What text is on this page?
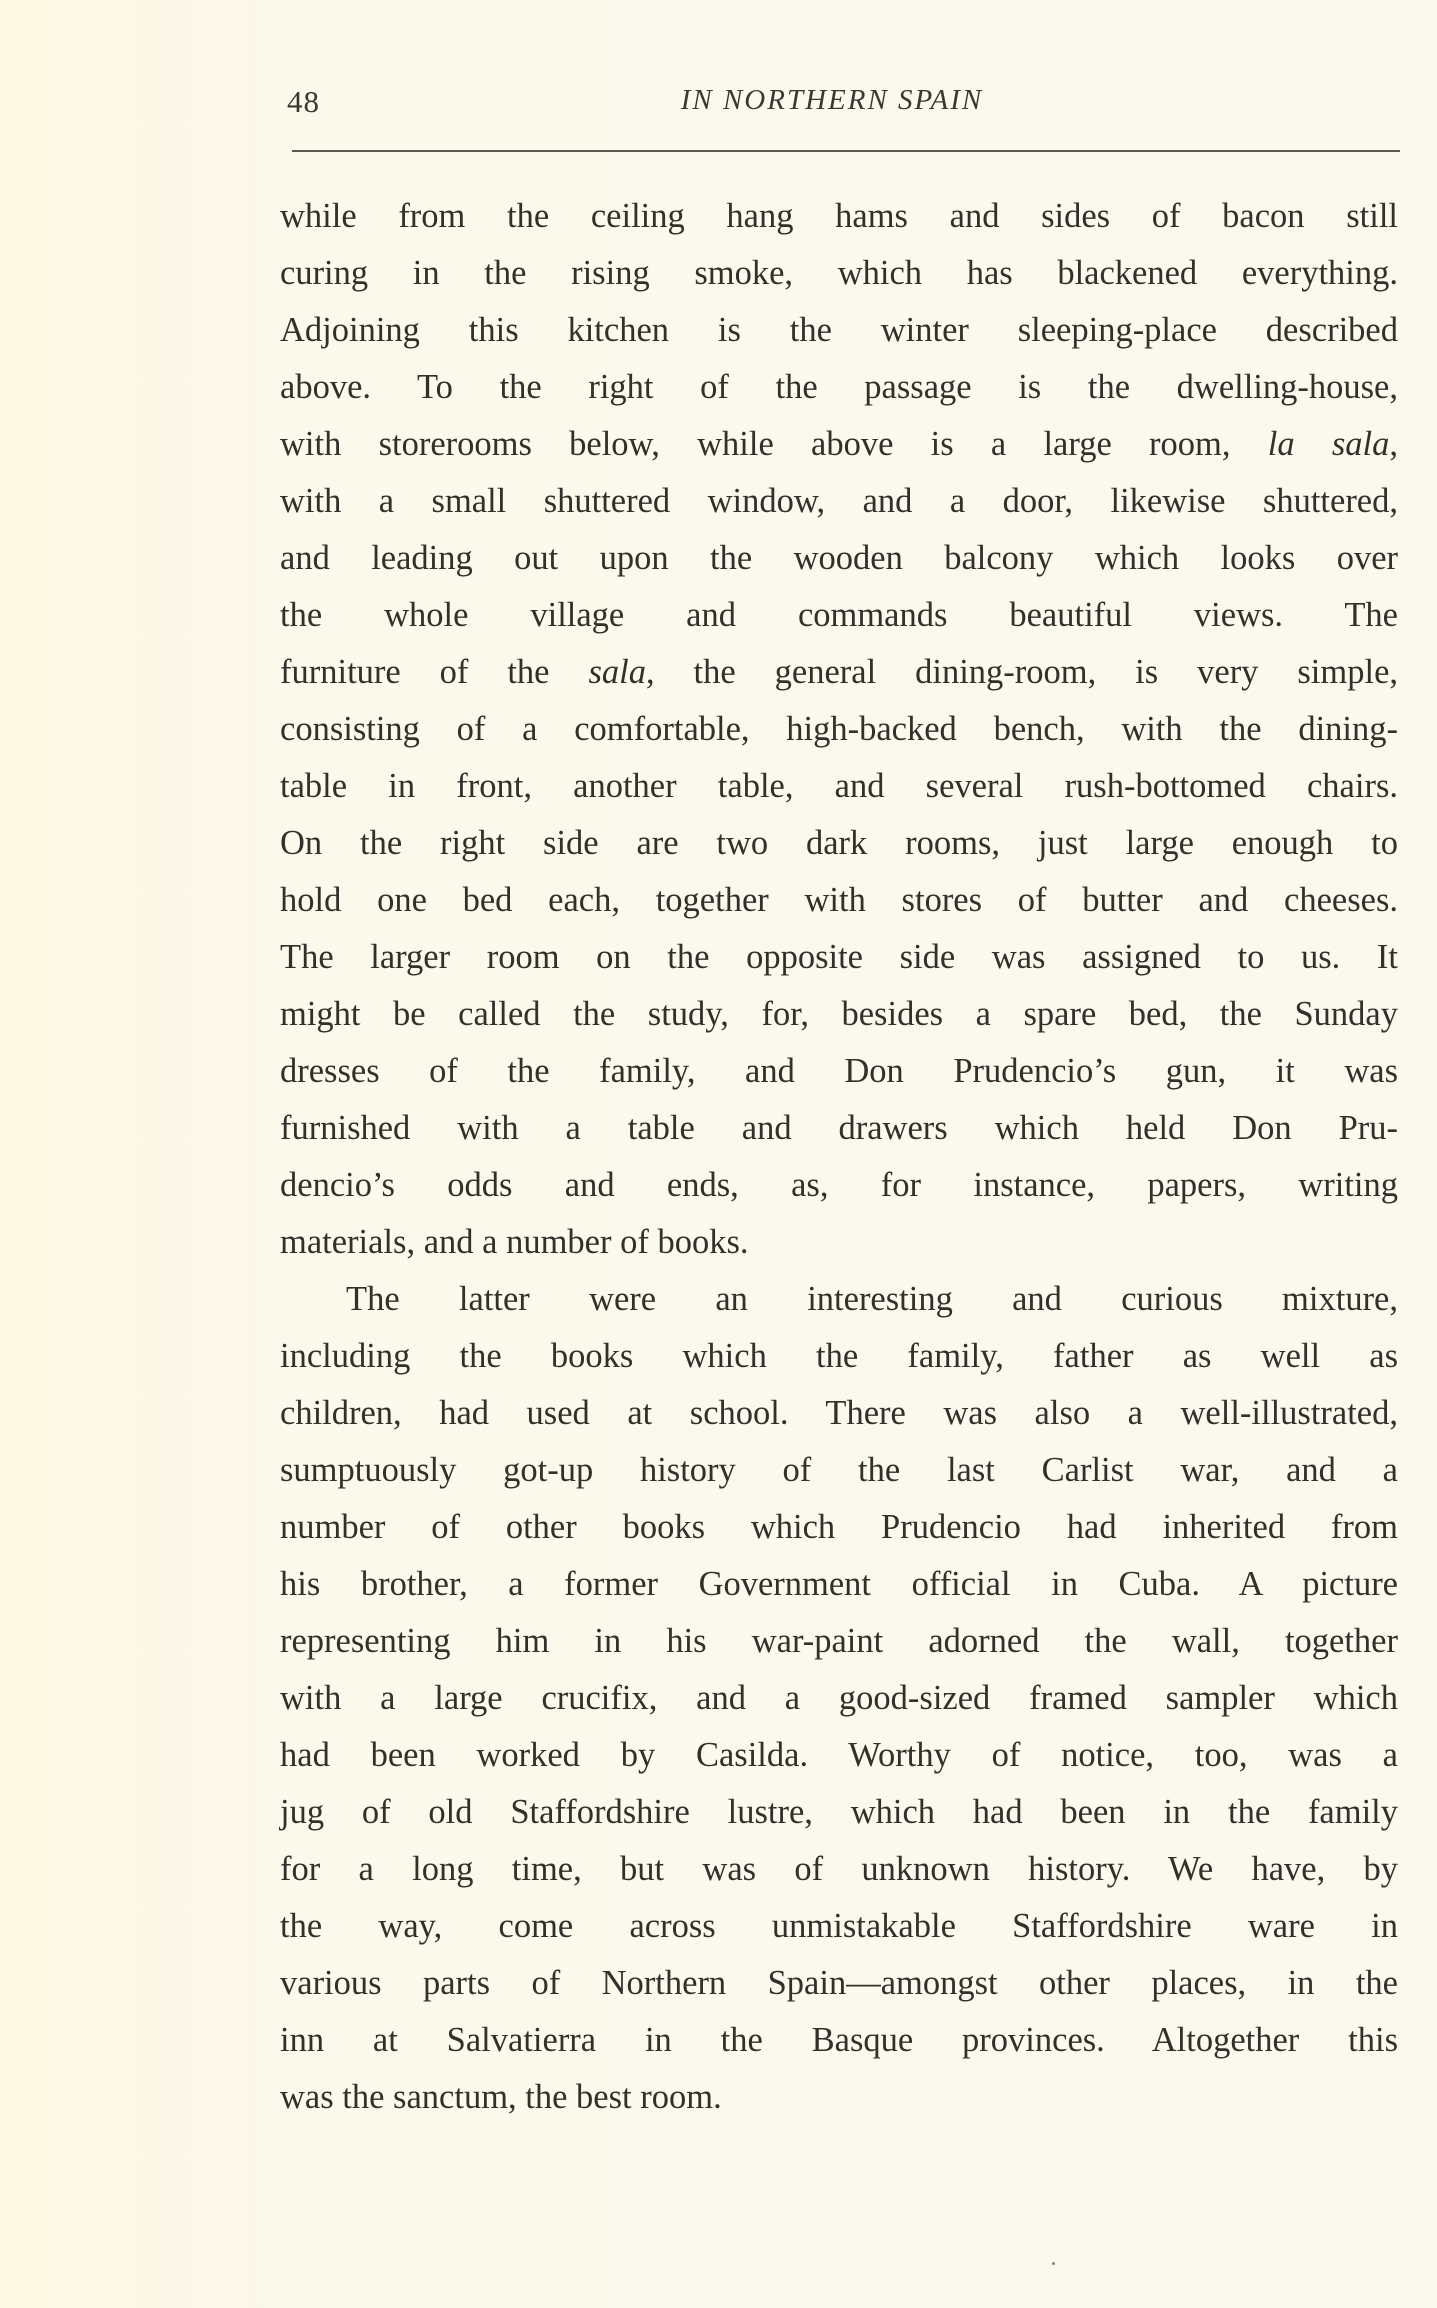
48	IN NORTHERN SPAIN
while from the ceiling hang hams and sides of bacon still
curing in the rising smoke, which has blackened everything.
Adjoining this kitchen is the winter sleeping-place described
above. To the right of the passage is the dwelling-house,
with storerooms below, while above is a large room, la sala,
with a small shuttered window, and a door, likewise shuttered,
and leading out upon the wooden balcony which looks over
the whole village and commands beautiful views. The
furniture of the sala, the general dining-room, is very simple,
consisting of a comfortable, high-backed bench, with the dining-
table in front, another table, and several rush-bottomed chairs.
On the right side are two dark rooms, just large enough to
hold one bed each, together with stores of butter and cheeses.
The larger room on the opposite side was assigned to us. It
might be called the study, for, besides a spare bed, the Sunday
dresses of the family, and Don Prudencio’s gun, it was
furnished with a table and drawers which held Don Pru-
dencio’s odds and ends, as, for instance, papers, writing
materials, and a number of books.
The latter were an interesting and curious mixture,
including the books which the family, father as well as
children, had used at school. There was also a well-illustrated,
sumptuously got-up history of the last Carlist war, and a
number of other books which Prudencio had inherited from
his brother, a former Government official in Cuba. A picture
representing him in his war-paint adorned the wall, together
with a large crucifix, and a good-sized framed sampler which
had been worked by Casilda. Worthy of notice, too, was a
jug of old Staffordshire lustre, which had been in the family
for a long time, but was of unknown history. We have, by
the way, come across unmistakable Staffordshire ware in
various parts of Northern Spain—amongst other places, in the
inn at Salvatierra in the Basque provinces. Altogether this
was the sanctum, the best room.
